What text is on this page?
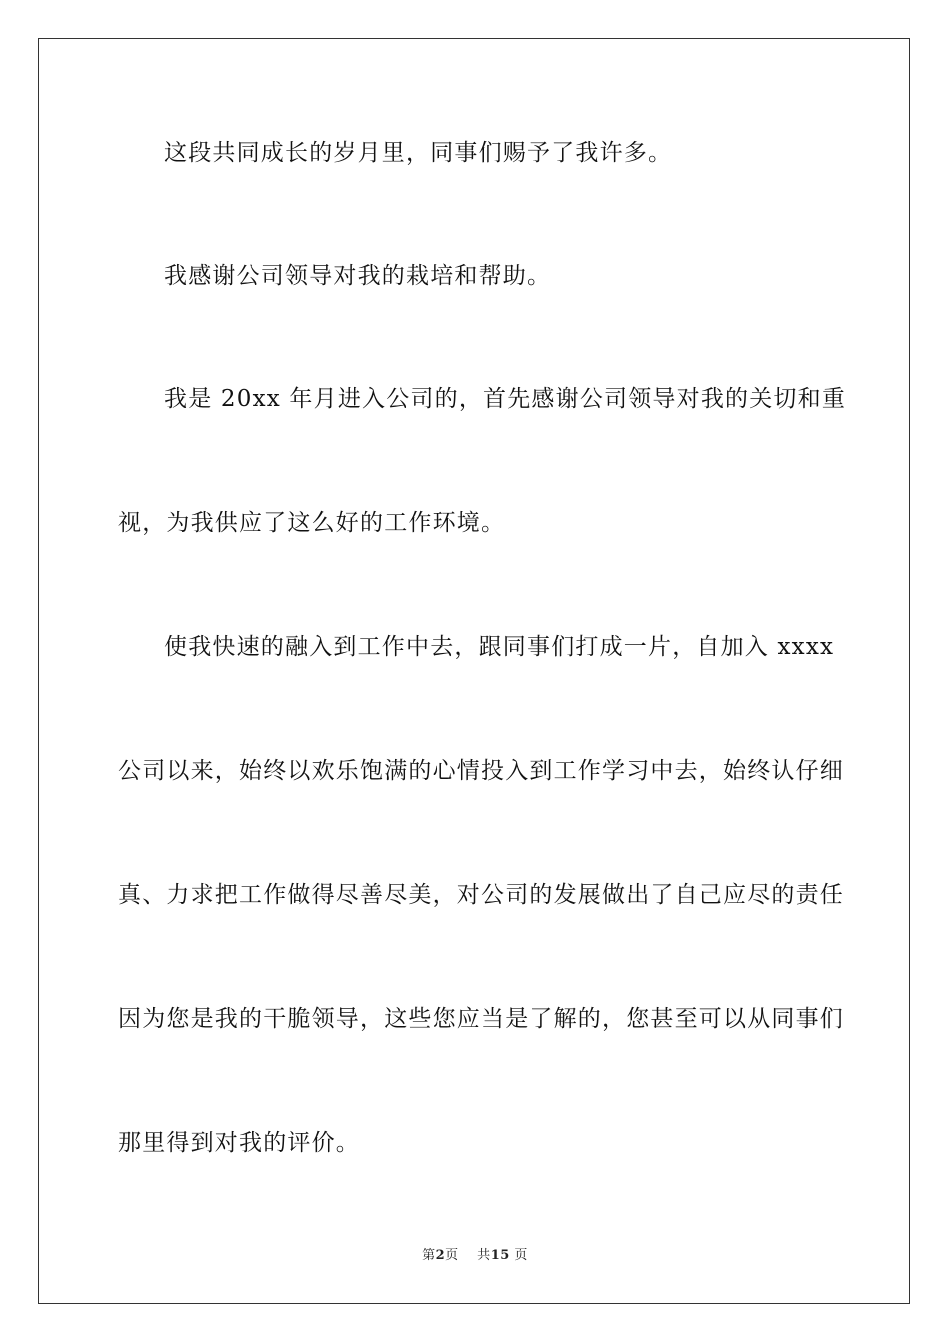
这段共同成长的岁月里，同事们赐予了我许多。
我感谢公司领导对我的栽培和帮助。
我是 20xx 年月进入公司的，首先感谢公司领导对我的关切和重
视，为我供应了这么好的工作环境。
使我快速的融入到工作中去，跟同事们打成一片，自加入 xxxx
公司以来，始终以欢乐饱满的心情投入到工作学习中去，始终认仔细
真、力求把工作做得尽善尽美，对公司的发展做出了自己应尽的责任
因为您是我的干脆领导，这些您应当是了解的，您甚至可以从同事们
那里得到对我的评价。
第2页 共15 页
